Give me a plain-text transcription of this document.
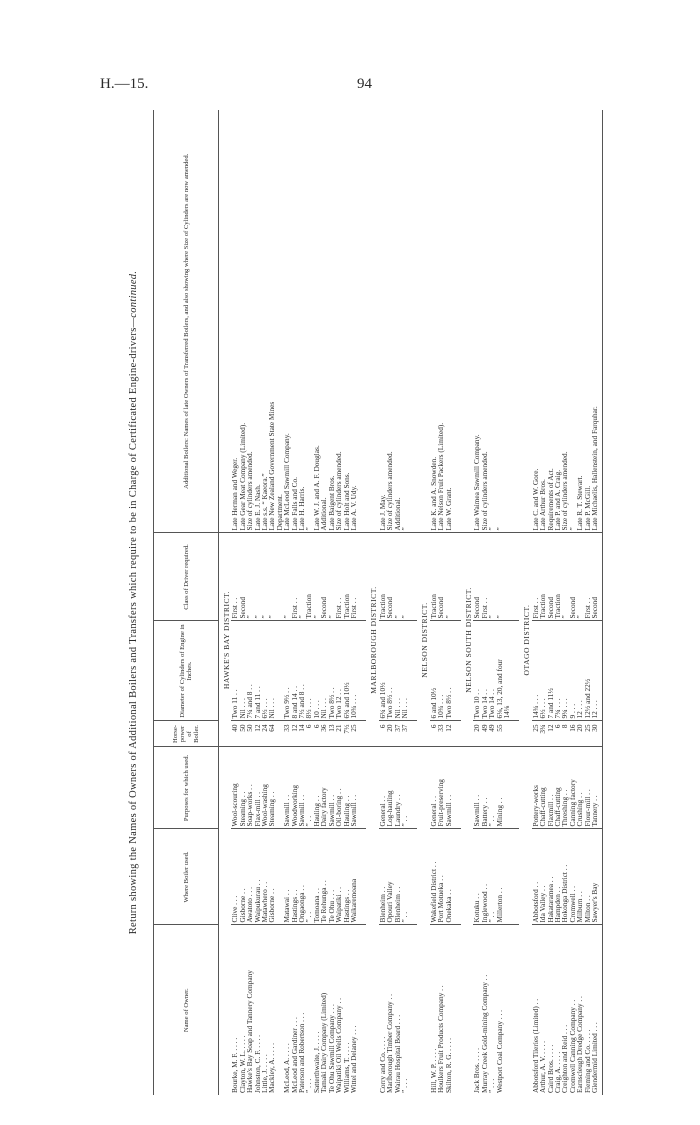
H.—15.	94
Return showing the Names of Owners of Additional Boilers and Transfers which require to be in Charge of Certificated Engine-drivers—continued.
Name of Owner.	Where Boiler used.	Purposes for which used.	Horse-power of Boiler.	Diameter of Cylinders of Engine in Inches.	Class of Driver required.	Additional Boilers: Names of late Owners of Transferred Boilers, and also showing where Size of Cylinders are now amended.
			HAWKE'S BAY DISTRICT.			
Bourke, M. F. . . . .	Clive . . .	Wool-scouring	40	Two 11 . .	First . .	Late Herman and Weger.
Clayton, W. L. . . . .	Gisborne . .	Steaming . .	50	Nil . . .	Second	Late Gear Meat Company (Limited).
Hawke's Bay Soap and Tannery Company	Awatoto . . .	Soap-works . .	50	7¼ and 8 . .	”	Size of cylinders amended.
Johnston, C. F. . . . .	Waipukurau . .	Flax-mill . .	12	7 and 11 . .	”	Late E. J. Nash.
Little, J. . . . .	Matawhero . .	Wool-washing	24	6½ . . .	”	Late s.s. “ Kaeora.”
Mackley, A. . . . .	Gisborne . .	Steaming . .	64	Nil . . .	”	Late New Zealand Government State Mines
						Department.
McLeod, A. . . . .	Matawai . .	Sawmill . .	33	Two 9½ . .	”	Late McLeod Sawmill Company.
McLeod and Gardiner . . .	Hastings . .	Woodworking	12	8 and 14 . .	First . .	Late Falls and Co.
Paterson and Robertson . . .	Ongaonga . .	Sawmill . .	14	7½ and 8 . .	”	Late H. Harris.
” . . .	” . .	” . .	6	8½ . . .	Traction	”
Satterthwaite, J. . . . .	Tomoana . .	Hauling . .	6	10 . . .	”	Late W. J. and A. F. Douglas.
Tamaki Dairy Company (Limited)	Te Rehunga . .	Dairy factory	36	Nil . . .	Second	Additional.
Te Ohu Sawmill Company . . .	Te Ohu . . .	Sawmill . .	13	Two 8½ . .	”	Late Baigent Bros.
Waipatiki Oil Wells Company . .	Waipatiki . .	Oil-boring . .	21	Two 12 . .	First . .	Size of cylinders amended.
Williams, T. . . . .	Hastings . .	Hauling . .	7½	6¾ and 10½	Traction	Late Holt and Sons.
Wittel and Delaney . . .	Waikaremoana	Sawmill . .	25	10¾ . . .	First . .	Late A. V. Udy.

			MARLBOROUGH DISTRICT.			
Corry and Co. . . . .	Blenheim . .	General . .	6	6¾ and 10½	Traction	Late J. May.
Marlborough Timber Company . .	Opouri Valley	Log-hauling	20	Two 8½ . .	Second	Size of cylinders amended.
Wairau Hospital Board . . .	Blenheim . .	Laundry . .	37	Nil . . .	”	Additional.
” . . .	” . .	” . .	37	Nil . . .	”	”

			NELSON DISTRICT.			
Hill, W. P. . . . .	Wakefield District . .	General . .	6	6 and 10½	Traction	Late K. and A. Snowden.
Houlkers Fruit Products Company . .	Port Motueka . .	Fruit-preserving	33	10¾ . . .	Second	Late Nelson Fruit Packers (Limited).
Skilton, R. G. . . . .	Onekaka . .	Sawmill . .	12	Two 8½ . .	”	Late W. Grant.

			NELSON SOUTH DISTRICT.			
Jack Bros. . . . .	Kotuku . .	Sawmill . .	20	Two 10 . .	Second	Late Waimea Sawmill Company.
Murray Creek Gold-mining Company . .	Inglewood . .	Battery . .	49	Two 14 . .	First . .	Size of cylinders amended.
” . . .	” . .	” . .	49	Two 14 . .	”	”
Westport Coal Company . . .	Millerton . .	Mining . .	55	6⅛, 13, 20, and four	”	”
				14⅛		

			OTAGO DISTRICT.			
Abbotsford Tileries (Limited) . .	Abbotsford . .	Pottery-works	25	14¾ . . .	First . .	Late C. and W. Gore.
Arthur, A. V. . . . .	Ida Valley . .	Chaff-cutting	3¾	6½ . . .	Traction	Late Arthur Bros.
Caird Bros. . . . .	Hakataramea . .	Flaxmill . .	12	7 and 11½	Second	Requirements of Act.
Craig, A. . . . .	Hampden . .	Chaff-cutting	6	7¾ . . .	Traction	Late P. and A. Craig.
Creighton and Reid . . .	Hokonga District . .	Threshing . .	8	9¾ . . .	”	Size of cylinders amended.
Cromwell Canning Company . .	Cromwell . .	Canning factory	16	9 . . .	Second	”
Earnscleugh Dredge Company . .	Milburn . .	Crushing . .	20	12 . . .	”	Late R. T. Stewart.
Fleming and Co. . . . .	Milton . .	Flour-mill . .	25	12½ and 22½	First . .	Late P. McGill.
Glendermid Limited . . .	Sawyer's Bay	Tannery . .	30	12 . . .	Second	Late Michaelis, Hallenstein, and Farquhar.
